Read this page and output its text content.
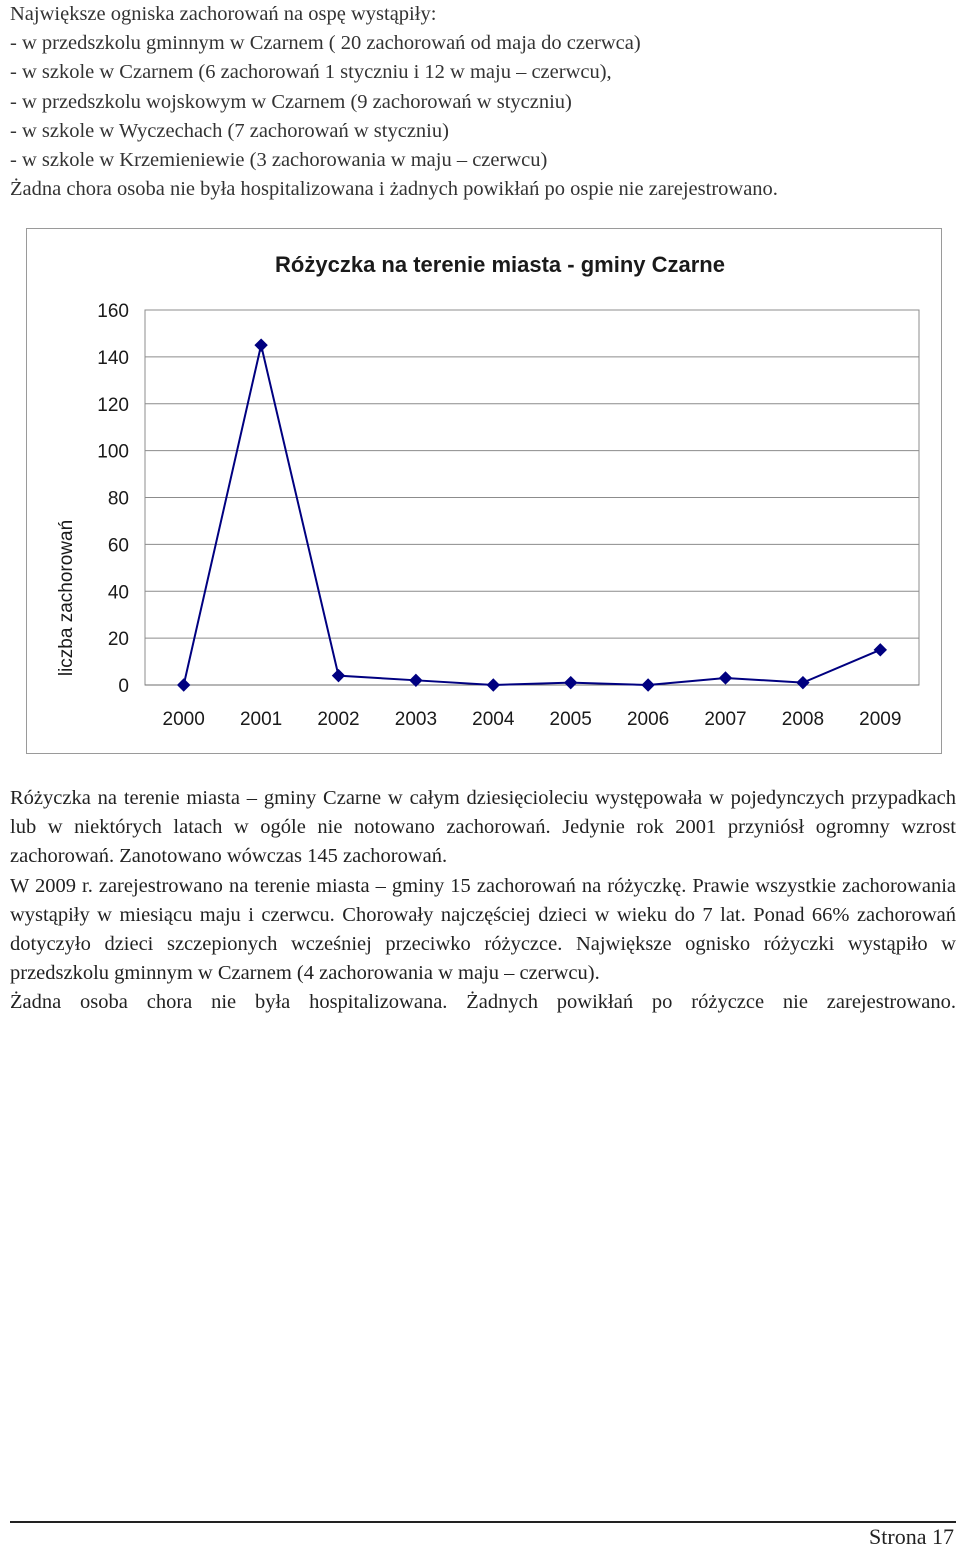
Największe ogniska zachorowań na ospę wystąpiły:
- w przedszkolu gminnym w Czarnem ( 20 zachorowań od maja do czerwca)
- w szkole w Czarnem (6 zachorowań 1 styczniu i 12 w maju – czerwcu),
- w przedszkolu wojskowym w Czarnem (9 zachorowań w styczniu)
- w szkole w Wyczechach (7 zachorowań w styczniu)
- w szkole w Krzemieniewie (3 zachorowania w maju – czerwcu)
Żadna chora osoba nie była hospitalizowana i żadnych powikłań po ospie nie zarejestrowano.
Różyczka na terenie miasta - gminy Czarne
liczba zachorowań
0
20
40
60
80
100
120
140
160
2000 2001 2002 2003 2004 2005 2006 2007 2008 2009

Różyczka na terenie miasta – gminy Czarne w całym dziesięcioleciu występowała w pojedynczych przypadkach lub w niektórych latach w ogóle nie notowano zachorowań. Jedynie rok 2001 przyniósł ogromny wzrost zachorowań. Zanotowano wówczas 145 zachorowań.

W 2009 r. zarejestrowano na terenie miasta – gminy 15 zachorowań na różyczkę. Prawie wszystkie zachorowania wystąpiły w miesiącu maju i czerwcu. Chorowały najczęściej dzieci w wieku do 7 lat. Ponad 66% zachorowań dotyczyło dzieci szczepionych wcześniej przeciwko różyczce. Największe ognisko różyczki wystąpiło w przedszkolu gminnym w Czarnem (4 zachorowania w maju – czerwcu).

Żadna osoba chora nie była hospitalizowana. Żadnych powikłań po różyczce nie zarejestrowano.

Strona 17
